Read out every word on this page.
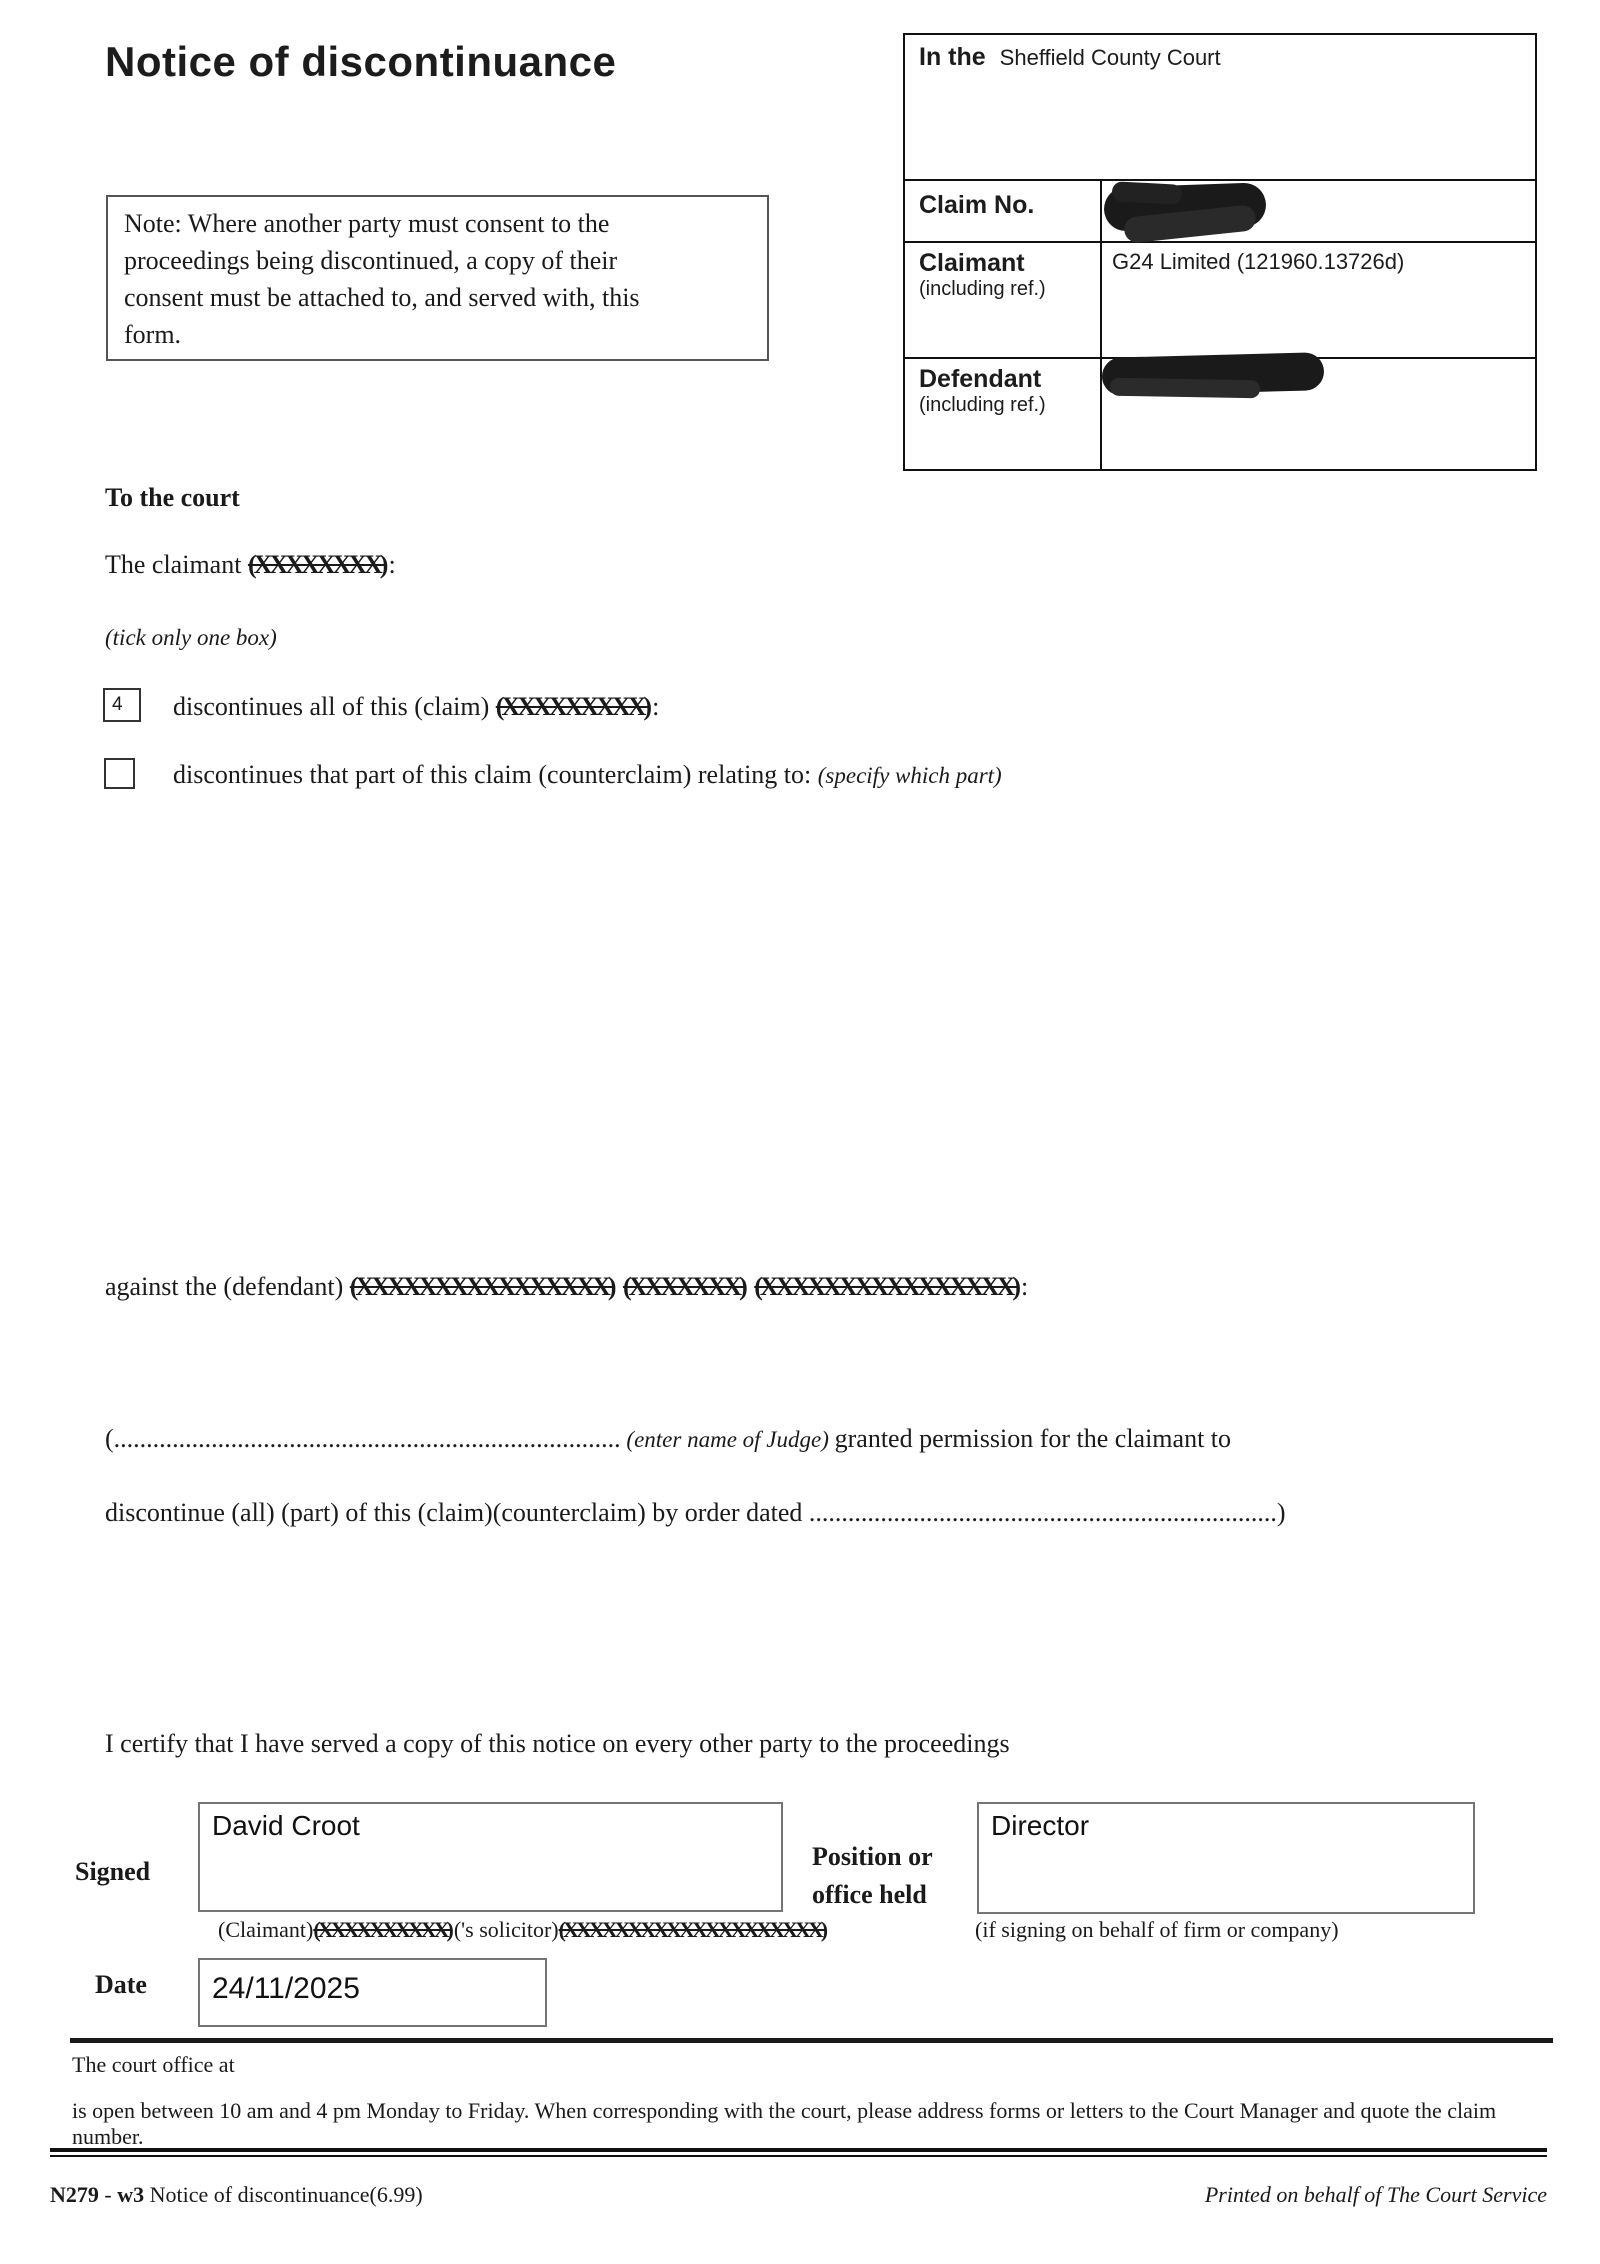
Notice of discontinuance
Note: Where another party must consent to the proceedings being discontinued, a copy of their consent must be attached to, and served with, this form.
In the Sheffield County Court
Claim No.
Claimant
(including ref.)
G24 Limited (121960.13726d)
Defendant
(including ref.)
To the court
The claimant (XXXXXXXX) :
(tick only one box)
4	discontinues all of this (claim) (XXXXXXXXX) :
discontinues that part of this claim (counterclaim) relating to: (specify which part)
against the (defendant) (XXXXXXXXXXXXXXXX) (XXXXXXX) (XXXXXXXXXXXXXXXX) :
(.............................................................................. (enter name of Judge) granted permission for the claimant to
discontinue (all) (part) of this (claim)(counterclaim) by order dated ........................................................................)
I certify that I have served a copy of this notice on every other party to the proceedings
Signed
David Croot
(Claimant)(XXXXXXXXXX) ('s solicitor)(XXXXXXXXXXXXXXXXXXXX)
Position or
office held
Director
(if signing on behalf of firm or company)
Date 24/11/2025
The court office at
is open between 10 am and 4 pm Monday to Friday. When corresponding with the court, please address forms or letters to the Court Manager and quote the claim number.
N279 - w3 Notice of discontinuance(6.99)	Printed on behalf of The Court Service
